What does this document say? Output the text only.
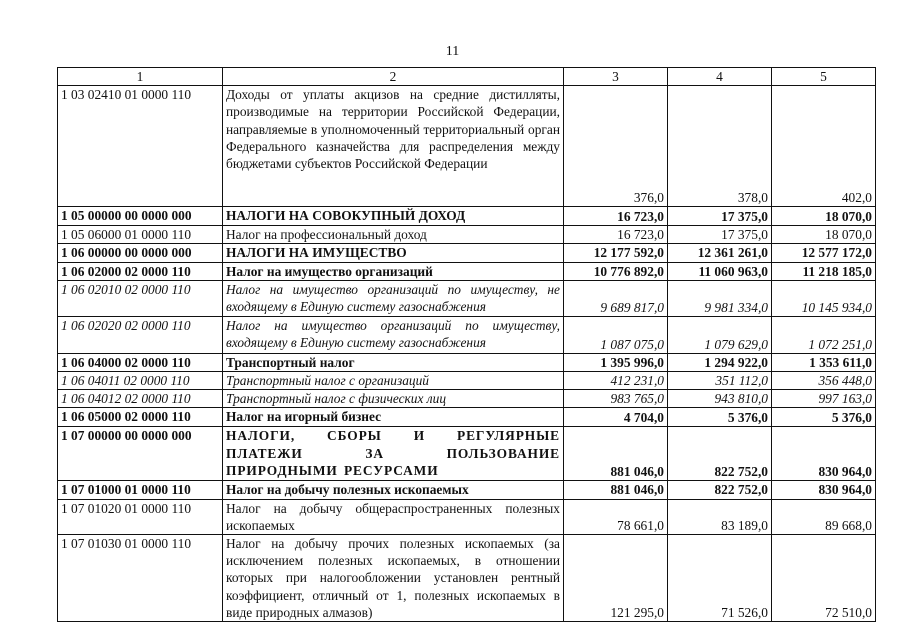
11
1	2	3	4	5
1 03 02410 01 0000 110	Доходы от уплаты акцизов на средние дистилляты, производимые на территории Российской Федерации, направляемые в уполномоченный территориальный орган Федерального казначейства для распределения между бюджетами субъектов Российской Федерации	376,0	378,0	402,0
1 05 00000 00 0000 000	НАЛОГИ НА СОВОКУПНЫЙ ДОХОД	16 723,0	17 375,0	18 070,0
1 05 06000 01 0000 110	Налог на профессиональный доход	16 723,0	17 375,0	18 070,0
1 06 00000 00 0000 000	НАЛОГИ НА ИМУЩЕСТВО	12 177 592,0	12 361 261,0	12 577 172,0
1 06 02000 02 0000 110	Налог на имущество организаций	10 776 892,0	11 060 963,0	11 218 185,0
1 06 02010 02 0000 110	Налог на имущество организаций по имуществу, не входящему в Единую систему газоснабжения	9 689 817,0	9 981 334,0	10 145 934,0
1 06 02020 02 0000 110	Налог на имущество организаций по имуществу, входящему в Единую систему газоснабжения	1 087 075,0	1 079 629,0	1 072 251,0
1 06 04000 02 0000 110	Транспортный налог	1 395 996,0	1 294 922,0	1 353 611,0
1 06 04011 02 0000 110	Транспортный налог с организаций	412 231,0	351 112,0	356 448,0
1 06 04012 02 0000 110	Транспортный налог с физических лиц	983 765,0	943 810,0	997 163,0
1 06 05000 02 0000 110	Налог на игорный бизнес	4 704,0	5 376,0	5 376,0
1 07 00000 00 0000 000	НАЛОГИ, СБОРЫ И РЕГУЛЯРНЫЕ ПЛАТЕЖИ ЗА ПОЛЬЗОВАНИЕ ПРИРОДНЫМИ РЕСУРСАМИ	881 046,0	822 752,0	830 964,0
1 07 01000 01 0000 110	Налог на добычу полезных ископаемых	881 046,0	822 752,0	830 964,0
1 07 01020 01 0000 110	Налог на добычу общераспространенных полезных ископаемых	78 661,0	83 189,0	89 668,0
1 07 01030 01 0000 110	Налог на добычу прочих полезных ископаемых (за исключением полезных ископаемых, в отношении которых при налогообложении установлен рентный коэффициент, отличный от 1, полезных ископаемых в виде природных алмазов)	121 295,0	71 526,0	72 510,0
